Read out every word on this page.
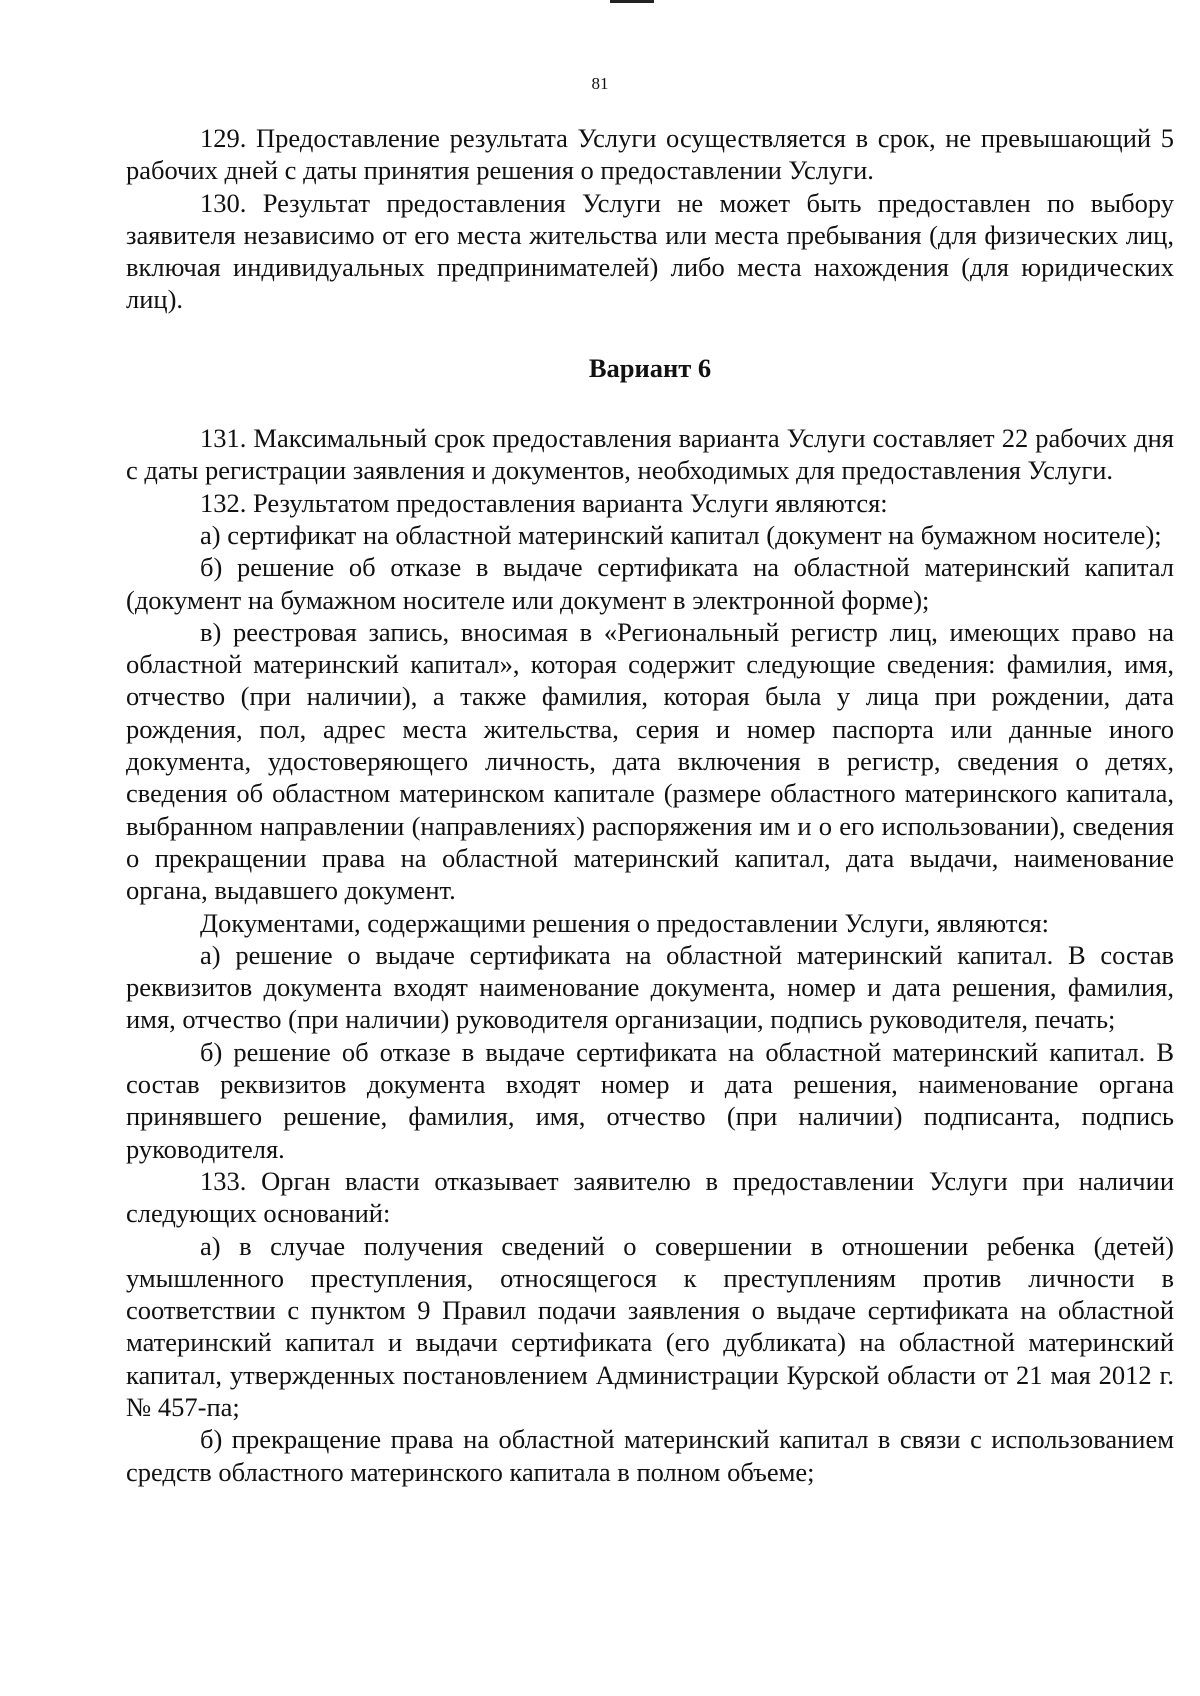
81

129. Предоставление результата Услуги осуществляется в срок, не превышающий 5 рабочих дней с даты принятия решения о предоставлении Услуги.

130. Результат предоставления Услуги не может быть предоставлен по выбору заявителя независимо от его места жительства или места пребывания (для физических лиц, включая индивидуальных предпринимателей) либо места нахождения (для юридических лиц).

Вариант 6

131. Максимальный срок предоставления варианта Услуги составляет 22 рабочих дня с даты регистрации заявления и документов, необходимых для предоставления Услуги.

132. Результатом предоставления варианта Услуги являются:

а) сертификат на областной материнский капитал (документ на бумажном носителе);

б) решение об отказе в выдаче сертификата на областной материнский капитал (документ на бумажном носителе или документ в электронной форме);

в) реестровая запись, вносимая в «Региональный регистр лиц, имеющих право на областной материнский капитал», которая содержит следующие сведения: фамилия, имя, отчество (при наличии), а также фамилия, которая была у лица при рождении, дата рождения, пол, адрес места жительства, серия и номер паспорта или данные иного документа, удостоверяющего личность, дата включения в регистр, сведения о детях, сведения об областном материнском капитале (размере областного материнского капитала, выбранном направлении (направлениях) распоряжения им и о его использовании), сведения о прекращении права на областной материнский капитал, дата выдачи, наименование органа, выдавшего документ.

Документами, содержащими решения о предоставлении Услуги, являются:

а) решение о выдаче сертификата на областной материнский капитал. В состав реквизитов документа входят наименование документа, номер и дата решения, фамилия, имя, отчество (при наличии) руководителя организации, подпись руководителя, печать;

б) решение об отказе в выдаче сертификата на областной материнский капитал. В состав реквизитов документа входят номер и дата решения, наименование органа принявшего решение, фамилия, имя, отчество (при наличии) подписанта, подпись руководителя.

133. Орган власти отказывает заявителю в предоставлении Услуги при наличии следующих оснований:

а) в случае получения сведений о совершении в отношении ребенка (детей) умышленного преступления, относящегося к преступлениям против личности в соответствии с пунктом 9 Правил подачи заявления о выдаче сертификата на областной материнский капитал и выдачи сертификата (его дубликата) на областной материнский капитал, утвержденных постановлением Администрации Курской области от 21 мая 2012 г. № 457-па;

б) прекращение права на областной материнский капитал в связи с использованием средств областного материнского капитала в полном объеме;
